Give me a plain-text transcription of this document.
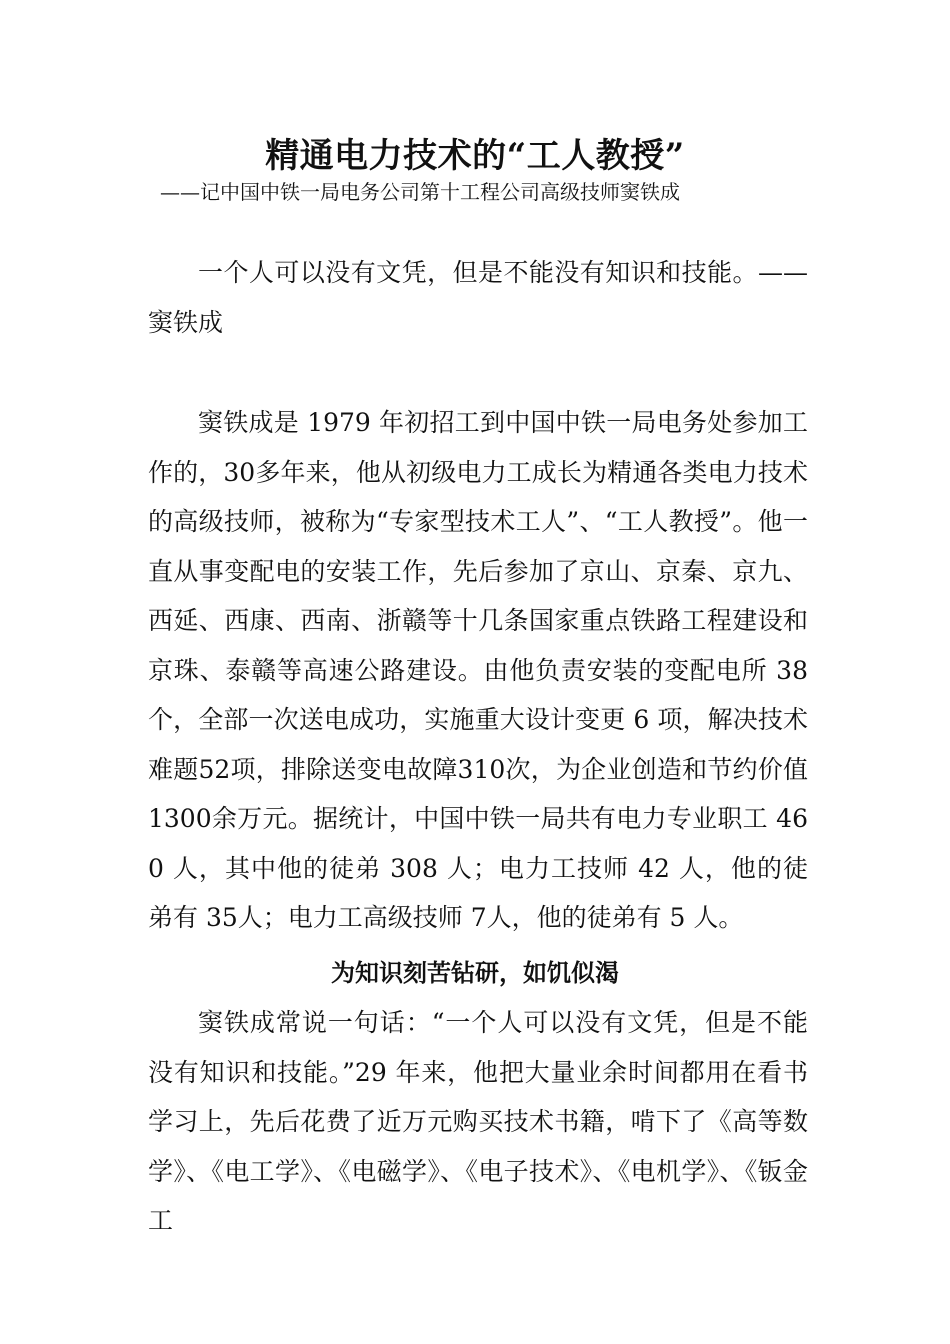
精通电力技术的“工人教授”

——记中国中铁一局电务公司第十工程公司高级技师窦铁成

一个人可以没有文凭，但是不能没有知识和技能。——窦铁成

窦铁成是 1979 年初招工到中国中铁一局电务处参加工作的，30多年来，他从初级电力工成长为精通各类电力技术的高级技师，被称为“专家型技术工人”、“工人教授”。他一直从事变配电的安装工作，先后参加了京山、京秦、京九、西延、西康、西南、浙赣等十几条国家重点铁路工程建设和京珠、泰赣等高速公路建设。由他负责安装的变配电所 38 个，全部一次送电成功，实施重大设计变更 6 项，解决技术难题52项，排除送变电故障310次，为企业创造和节约价值1300余万元。据统计，中国中铁一局共有电力专业职工 460 人，其中他的徒弟 308 人；电力工技师 42 人，他的徒弟有 35人；电力工高级技师 7人，他的徒弟有 5 人。

为知识刻苦钻研，如饥似渴

窦铁成常说一句话：“一个人可以没有文凭，但是不能没有知识和技能。”29 年来，他把大量业余时间都用在看书学习上，先后花费了近万元购买技术书籍，啃下了《高等数学》、《电工学》、《电磁学》、《电子技术》、《电机学》、《钣金工
